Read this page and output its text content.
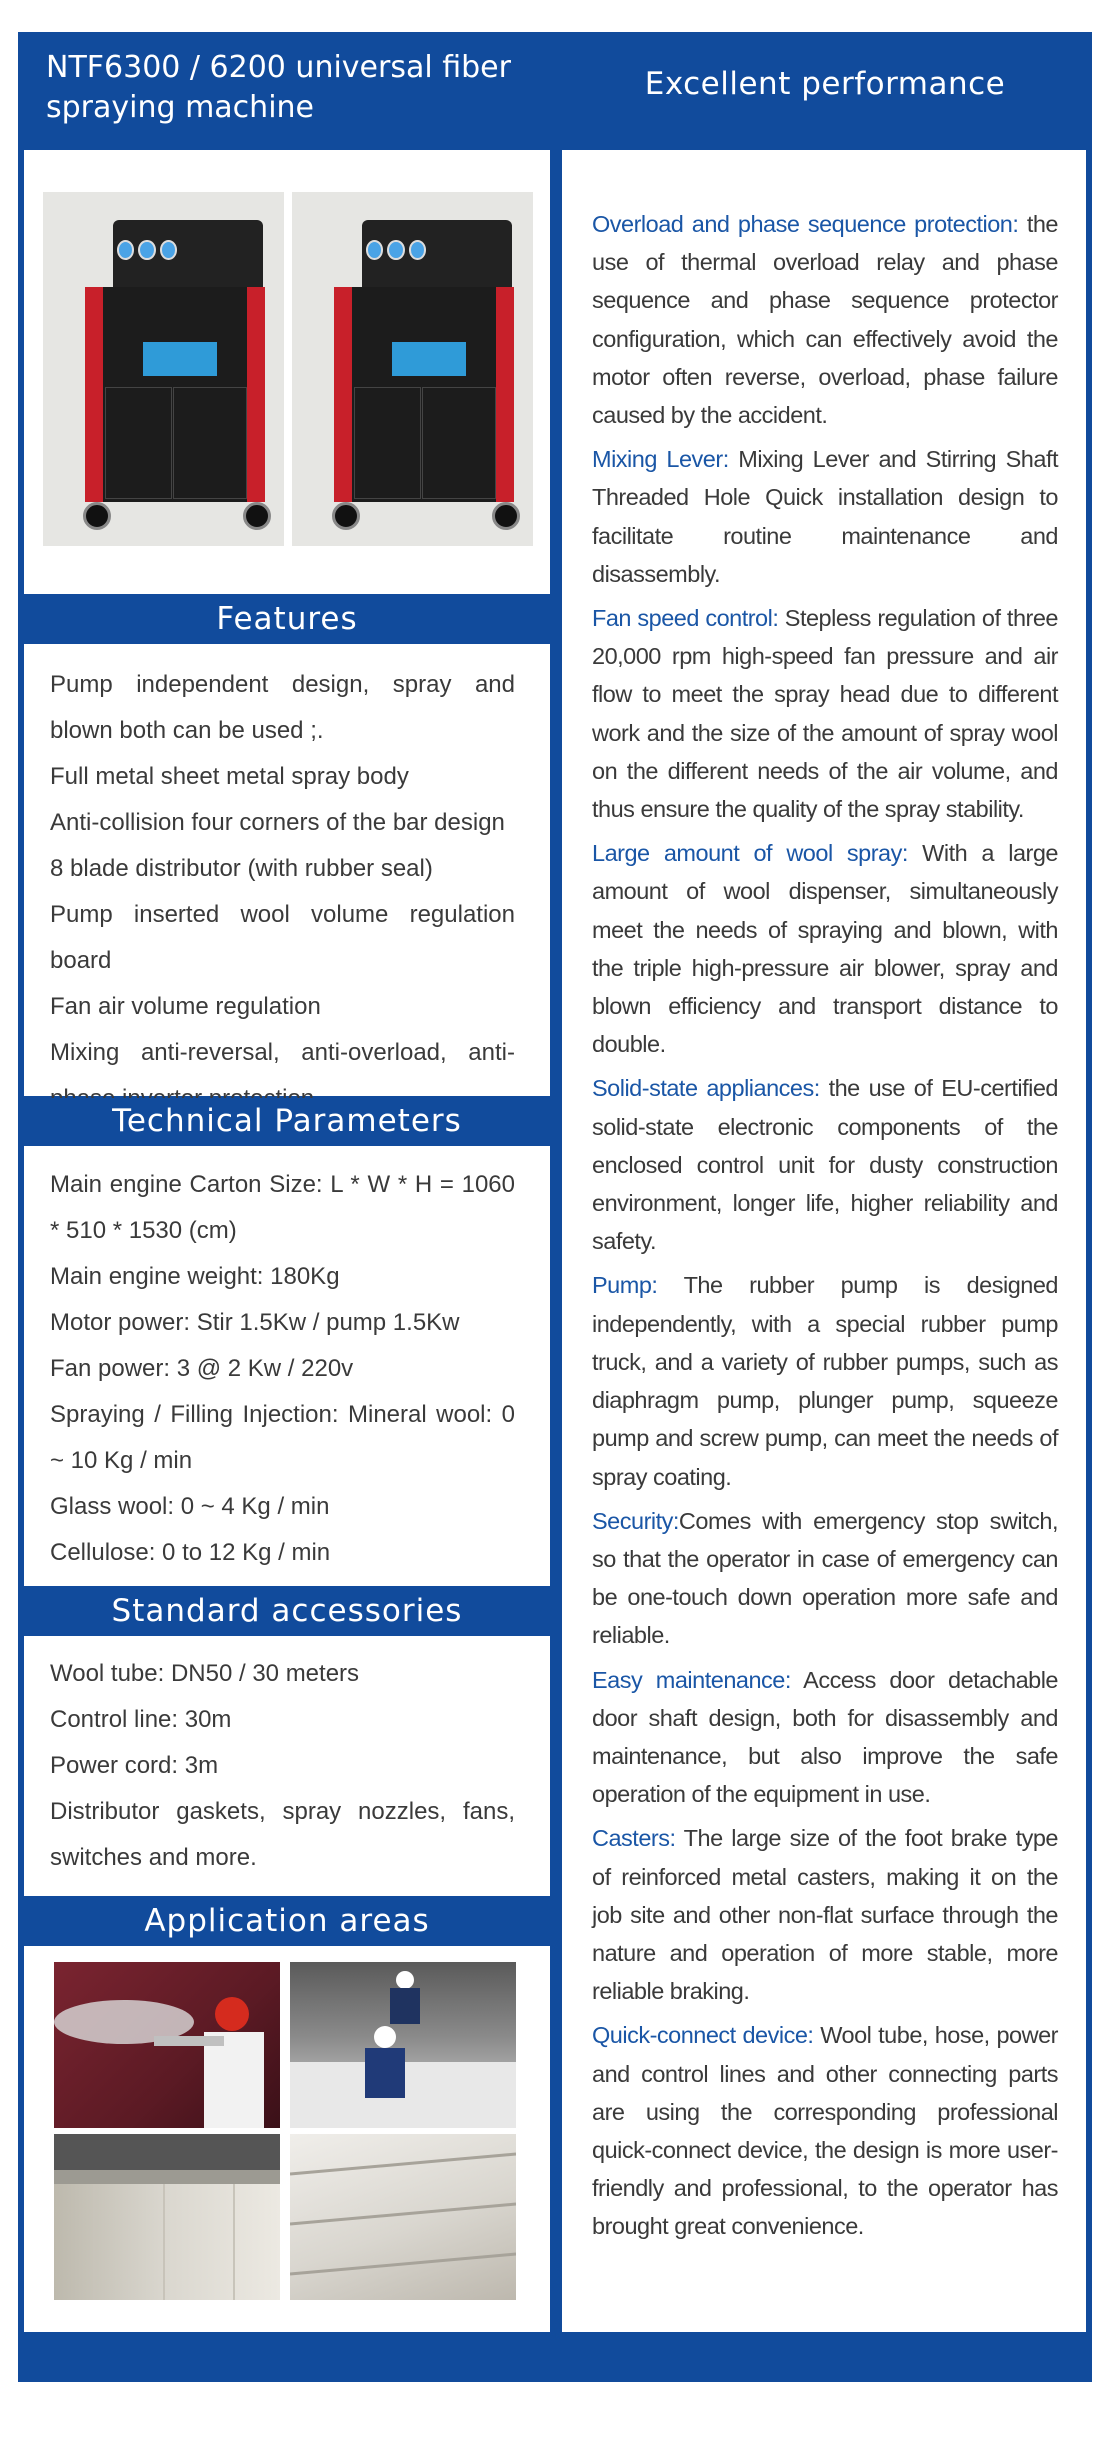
NTF6300 / 6200 universal fiber
spraying machine
Excellent performance
Features
Pump independent design, spray and blown both can be used ;.
Full metal sheet metal spray body
Anti-collision four corners of the bar design
8 blade distributor (with rubber seal)
Pump inserted wool volume regulation board
Fan air volume regulation
Mixing anti-reversal, anti-overload, anti-
Technical Parameters
Main engine Carton Size: L * W * H = 1060 * 510 * 1530 (cm)
Main engine weight: 180Kg
Motor power: Stir 1.5Kw / pump 1.5Kw
Fan power: 3 @ 2 Kw / 220v
Spraying / Filling Injection: Mineral wool: 0 ~ 10 Kg / min
Glass wool: 0 ~ 4 Kg / min
Cellulose: 0 to 12 Kg / min
Standard accessories
Wool tube: DN50 / 30 meters
Control line: 30m
Power cord: 3m
Distributor gaskets, spray nozzles, fans, switches and more.
Application areas

Overload and phase sequence protection: the use of thermal overload relay and phase sequence and phase sequence protector configuration, which can effectively avoid the motor often reverse, overload, phase failure caused by the accident.

Mixing Lever: Mixing Lever and Stirring Shaft Threaded Hole Quick installation design to facilitate routine maintenance and disassembly.

Fan speed control: Stepless regulation of three 20,000 rpm high-speed fan pressure and air flow to meet the spray head due to different work and the size of the amount of spray wool on the different needs of the air volume, and thus ensure the quality of the spray stability.

Large amount of wool spray: With a large amount of wool dispenser, simultaneously meet the needs of spraying and blown, with the triple high-pressure air blower, spray and blown efficiency and transport distance to double.

Solid-state appliances: the use of EU-certified solid-state electronic components of the enclosed control unit for dusty construction environment, longer life, higher reliability and safety.

Pump: The rubber pump is designed independently, with a special rubber pump truck, and a variety of rubber pumps, such as diaphragm pump, plunger pump, squeeze pump and screw pump, can meet the needs of spray coating.

Security:Comes with emergency stop switch, so that the operator in case of emergency can be one-touch down operation more safe and reliable.

Easy maintenance: Access door detachable door shaft design, both for disassembly and maintenance, but also improve the safe operation of the equipment in use.

Casters: The large size of the foot brake type of reinforced metal casters, making it on the job site and other non-flat surface through the nature and operation of more stable, more reliable braking.

Quick-connect device: Wool tube, hose, power and control lines and other connecting parts are using the corresponding professional quick-connect device, the design is more user-friendly and professional, to the operator has brought great convenience.
